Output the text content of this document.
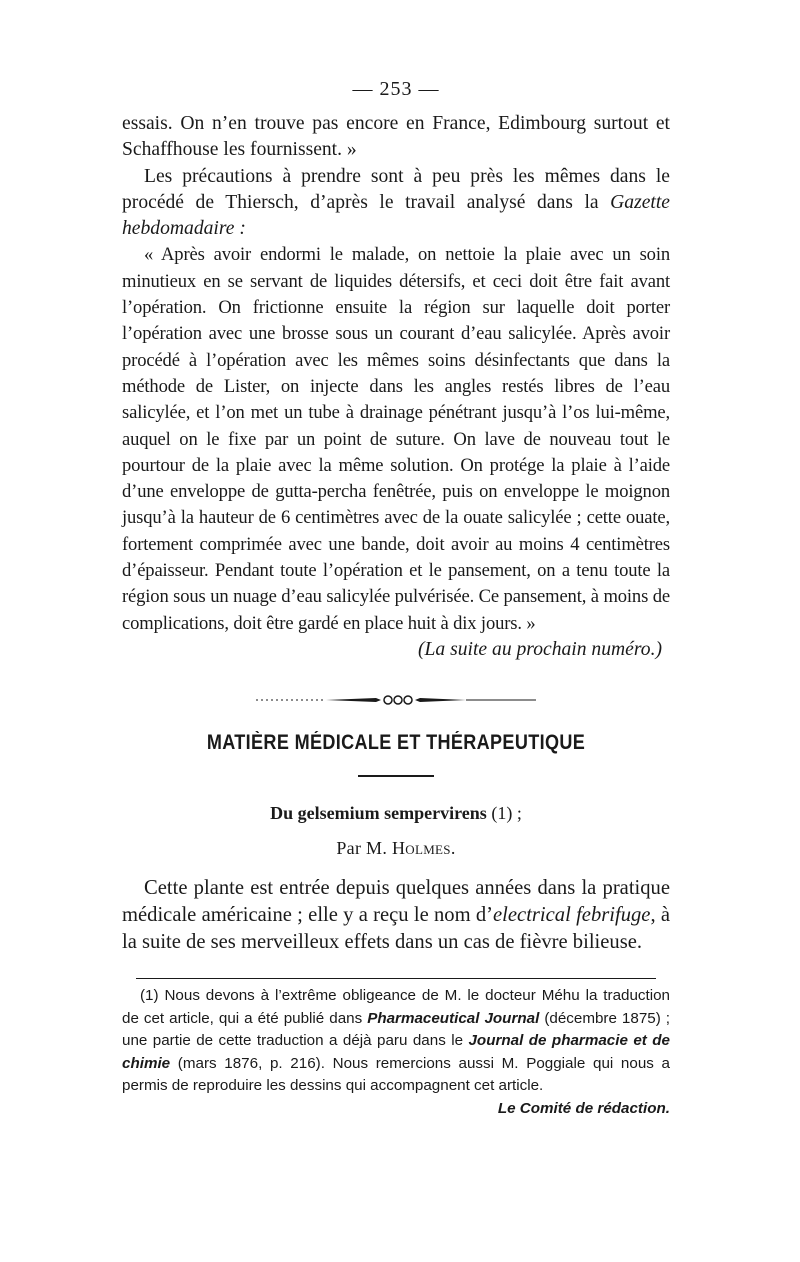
— 253 —

essais. On n’en trouve pas encore en France, Edimbourg surtout et Schaffhouse les fournissent. »

Les précautions à prendre sont à peu près les mêmes dans le procédé de Thiersch, d’après le travail analysé dans la Gazette hebdomadaire :

« Après avoir endormi le malade, on nettoie la plaie avec un soin minutieux en se servant de liquides détersifs, et ceci doit être fait avant l’opération. On frictionne ensuite la région sur laquelle doit porter l’opération avec une brosse sous un courant d’eau salicylée. Après avoir procédé à l’opération avec les mêmes soins désinfectants que dans la méthode de Lister, on injecte dans les angles restés libres de l’eau salicylée, et l’on met un tube à drainage pénétrant jusqu’à l’os lui-même, auquel on le fixe par un point de suture. On lave de nouveau tout le pourtour de la plaie avec la même solution. On protége la plaie à l’aide d’une enveloppe de gutta-percha fenêtrée, puis on enveloppe le moignon jusqu’à la hauteur de 6 centimètres avec de la ouate salicylée ; cette ouate, fortement comprimée avec une bande, doit avoir au moins 4 centimètres d’épaisseur. Pendant toute l’opération et le pansement, on a tenu toute la région sous un nuage d’eau salicylée pulvérisée. Ce pansement, à moins de complications, doit être gardé en place huit à dix jours. »

(La suite au prochain numéro.)

MATIÈRE MÉDICALE ET THÉRAPEUTIQUE
Du gelsemium sempervirens (1) ;
Par M. Holmes.

Cette plante est entrée depuis quelques années dans la pratique médicale américaine ; elle y a reçu le nom d’electrical febrifuge, à la suite de ses merveilleux effets dans un cas de fièvre bilieuse.

(1) Nous devons à l’extrême obligeance de M. le docteur Méhu la traduction de cet article, qui a été publié dans Pharmaceutical Journal (décembre 1875) ; une partie de cette traduction a déjà paru dans le Journal de pharmacie et de chimie (mars 1876, p. 216). Nous remercions aussi M. Poggiale qui nous a permis de reproduire les dessins qui accompagnent cet article.
Le Comité de rédaction.
